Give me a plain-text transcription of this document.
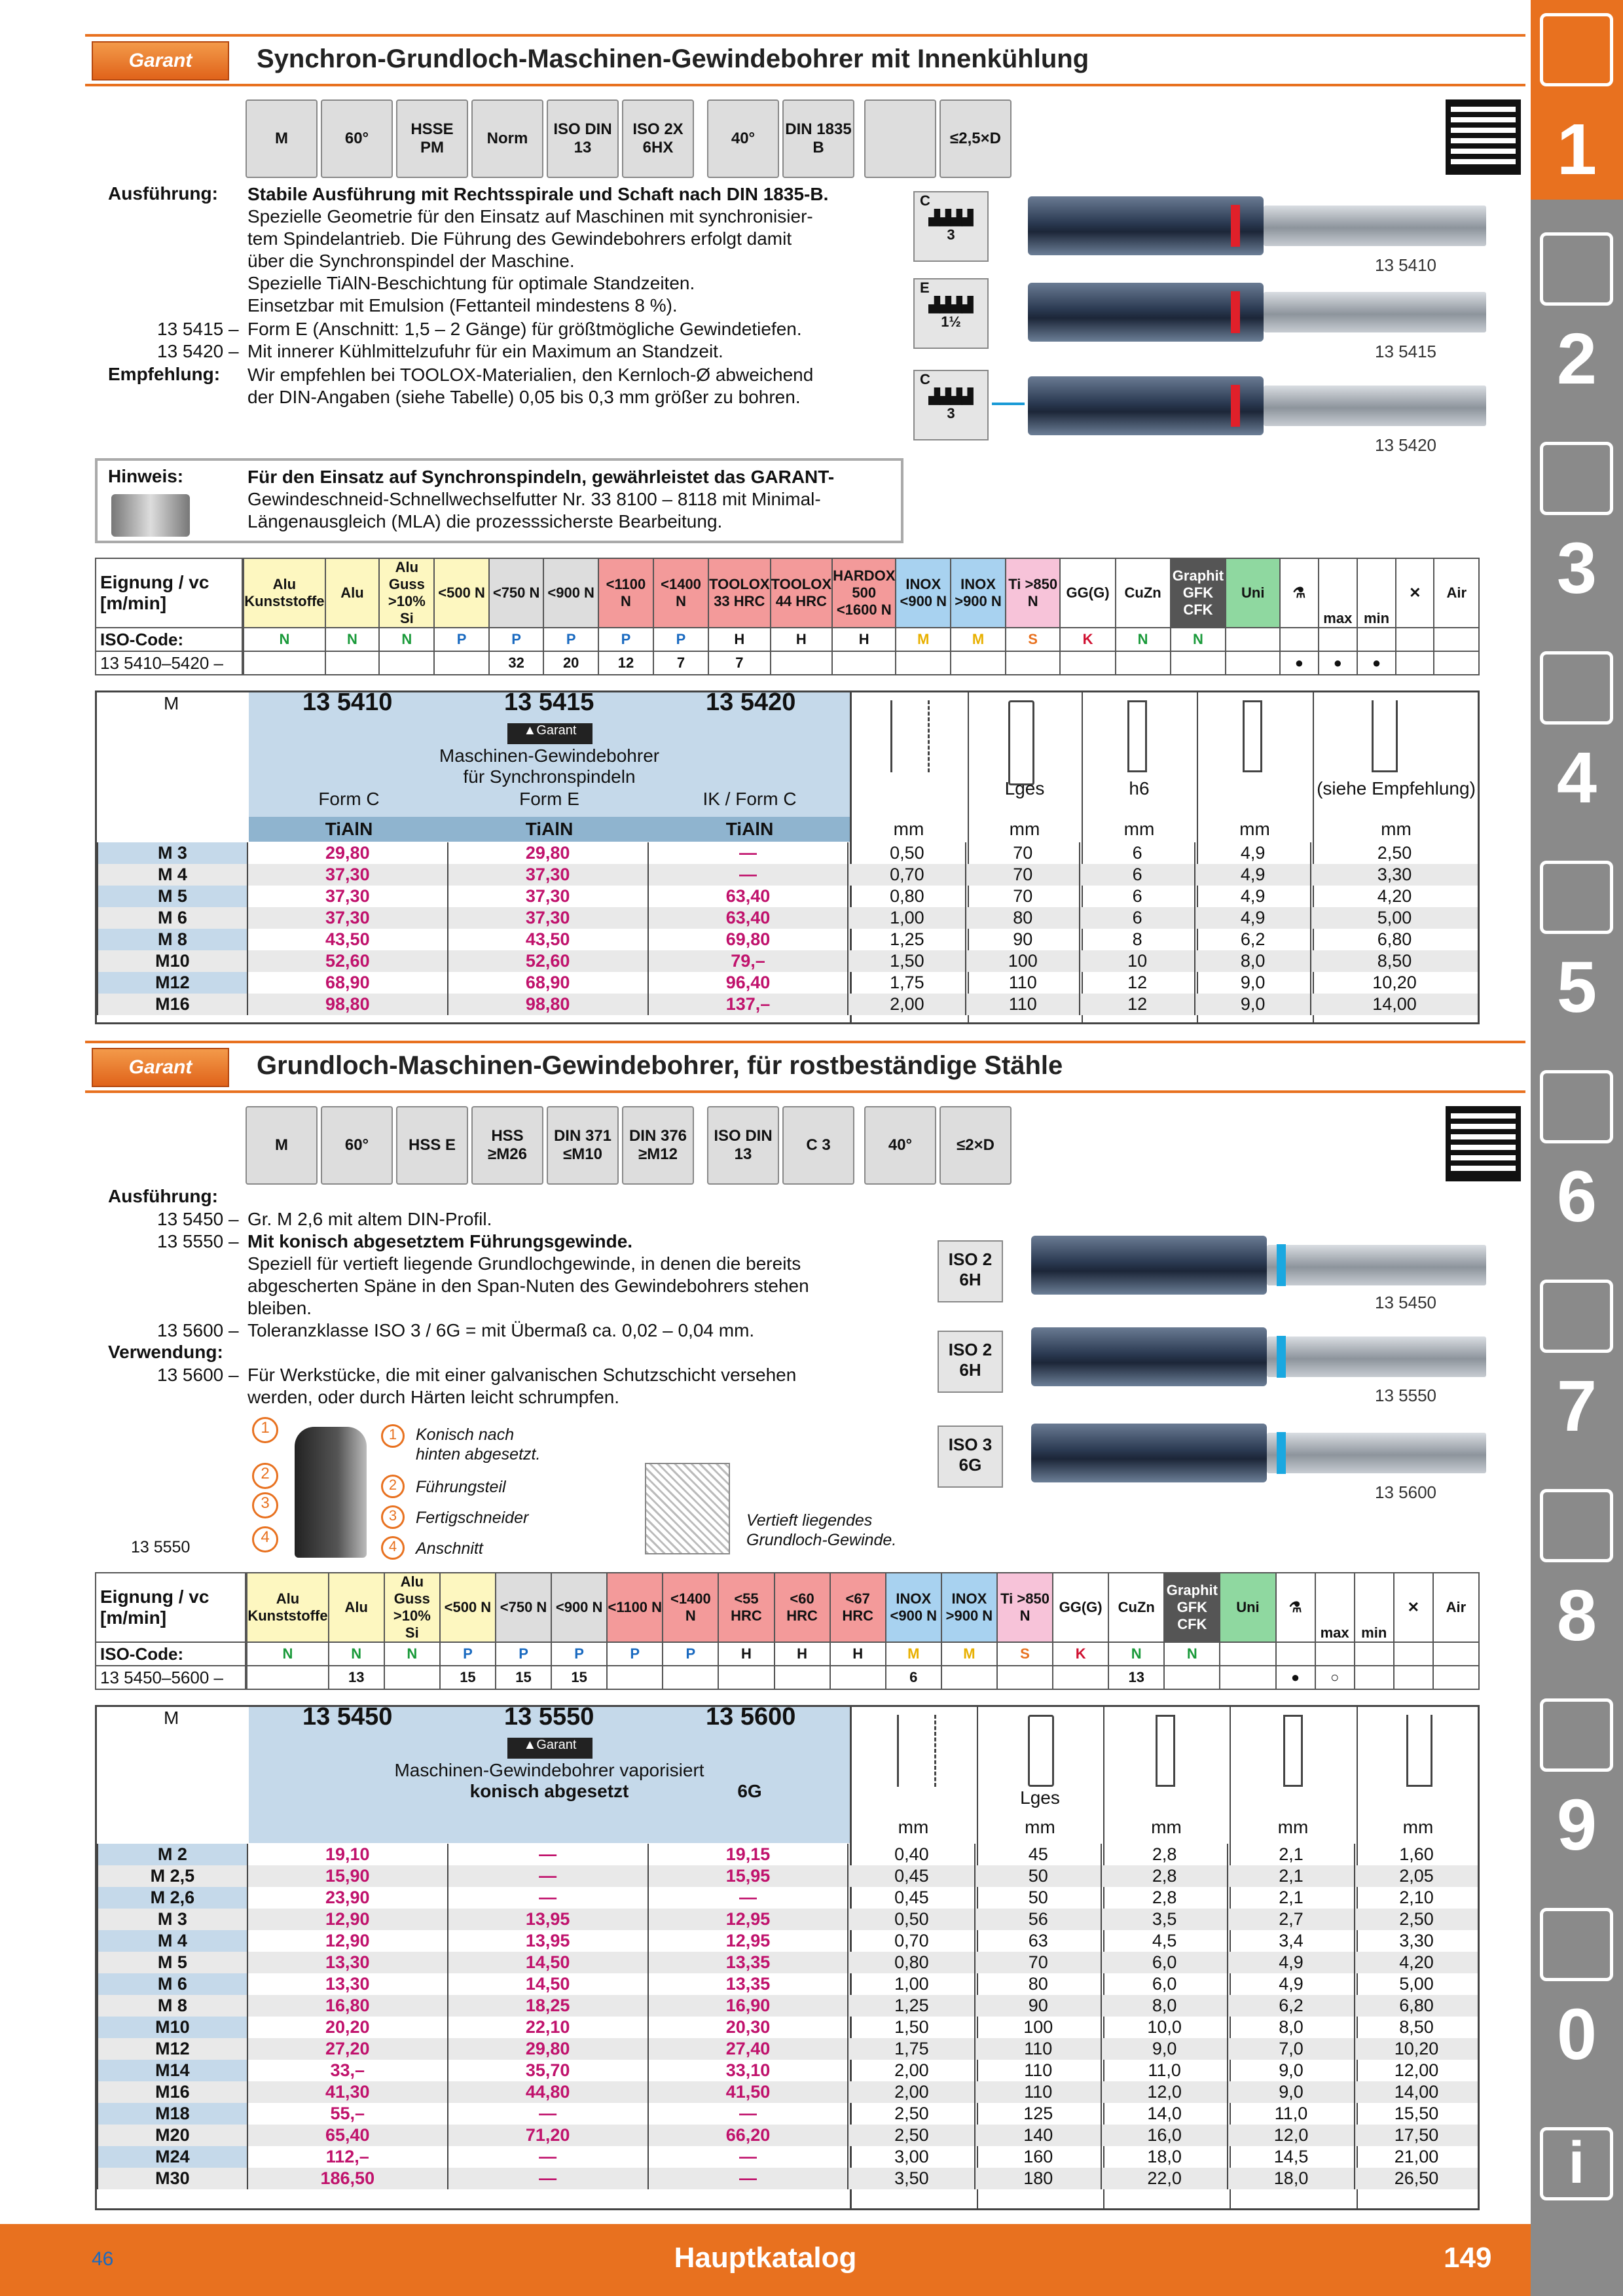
Garant	Synchron-Grundloch-Maschinen-Gewindebohrer mit Innenkühlung
M	60°
HSSE PM
Norm
ISO DIN 13
ISO 2X 6HX
40°
DIN 1835 B
≤2,5×D
Ausführung: Stabile Ausführung mit Rechtsspirale und Schaft nach DIN 1835-B.
Spezielle Geometrie für den Einsatz auf Maschinen mit synchronisier-
tem Spindelantrieb. Die Führung des Gewindebohrers erfolgt damit
über die Synchronspindel der Maschine.
Spezielle TiAlN-Beschichtung für optimale Standzeiten.
Einsetzbar mit Emulsion (Fettanteil mindestens 8 %).
13 5415 – Form E (Anschnitt: 1,5 – 2 Gänge) für größtmögliche Gewindetiefen.
13 5420 – Mit innerer Kühlmittelzufuhr für ein Maximum an Standzeit.
Empfehlung: Wir empfehlen bei TOOLOX-Materialien, den Kernloch-Ø abweichend
der DIN-Angaben (siehe Tabelle) 0,05 bis 0,3 mm größer zu bohren.
C
▟▟▟▟
3
E
▟▟▟▟
1½
C
▟▟▟▟
3
13 5410
13 5415
13 5420
Hinweis:	Für den Einsatz auf Synchronspindeln, gewährleistet das GARANT-
Gewindeschneid-Schnellwechselfutter Nr. 33 8100 – 8118 mit Minimal-
Längenausgleich (MLA) die prozesssicherste Bearbeitung.
Eignung / vc [m/min]	Alu Kunststoffe	Alu	Alu Guss >10% Si	<500 N	<750 N	<900 N	<1100 N	<1400 N	TOOLOX 33 HRC	TOOLOX 44 HRC	HARDOX 500 <1600 N	INOX <900 N	INOX >900 N	Ti >850 N	GG(G)	CuZn	Graphit GFK CFK	Uni	⚗	max	min	✕	Air
ISO-Code:	N	N	N	P	P	P	P	P	H	H	H	M	M	S	K	N	N						
13 5410–5420 –					32	20	12	7	7										●	●	●		
M	13 5410	13 5415	13 5420
▲Garant
Maschinen-Gewindebohrer
für Synchronspindeln
Form C	Form E	IK / Form C
TiAlN	TiAlN	TiAlN
Lges	h6	(siehe Empfehlung)
mm	mm	mm	mm	mm
M 3	29,80	29,80	—	0,50	70	6	4,9	2,50
M 4	37,30	37,30	—	0,70	70	6	4,9	3,30
M 5	37,30	37,30	63,40	0,80	70	6	4,9	4,20
M 6	37,30	37,30	63,40	1,00	80	6	4,9	5,00
M 8	43,50	43,50	69,80	1,25	90	8	6,2	6,80
M10	52,60	52,60	79,–	1,50	100	10	8,0	8,50
M12	68,90	68,90	96,40	1,75	110	12	9,0	10,20
M16	98,80	98,80	137,–	2,00	110	12	9,0	14,00
Garant	Grundloch-Maschinen-Gewindebohrer, für rostbeständige Stähle
M	60°	HSS E
HSS ≥M26
DIN 371 ≤M10
DIN 376 ≥M12
ISO DIN 13
C 3	40°	≤2×D
Ausführung:
13 5450 – Gr. M 2,6 mit altem DIN-Profil.
13 5550 – Mit konisch abgesetztem Führungsgewinde.
Speziell für vertieft liegende Grundlochgewinde, in denen die bereits
abgescherten Späne in den Span-Nuten des Gewindebohrers stehen
bleiben.
13 5600 – Toleranzklasse ISO 3 / 6G = mit Übermaß ca. 0,02 – 0,04 mm.
Verwendung:
13 5600 – Für Werkstücke, die mit einer galvanischen Schutzschicht versehen
werden, oder durch Härten leicht schrumpfen.
1
2
3
4
13 5550
1	Konisch nach hinten abgesetzt.
2	Führungsteil
3	Fertigschneider
4	Anschnitt
Vertieft liegendes Grundloch-Gewinde.
ISO 2 6H
ISO 2 6H
ISO 3 6G
13 5450
13 5550
13 5600
Eignung / vc [m/min]	Alu Kunststoffe	Alu	Alu Guss >10% Si	<500 N	<750 N	<900 N	<1100 N	<1400 N	<55 HRC	<60 HRC	<67 HRC	INOX <900 N	INOX >900 N	Ti >850 N	GG(G)	CuZn	Graphit GFK CFK	Uni	⚗	max	min	✕	Air
ISO-Code:	N	N	N	P	P	P	P	P	H	H	H	M	M	S	K	N	N						
13 5450–5600 –		13		15	15	15						6				13			●	○			
M	13 5450	13 5550	13 5600
▲Garant
Maschinen-Gewindebohrer vaporisiert
konisch abgesetzt	6G	Lges
mm	mm	mm	mm	mm
M 2	19,10	—	19,15	0,40	45	2,8	2,1	1,60
M 2,5	15,90	—	15,95	0,45	50	2,8	2,1	2,05
M 2,6	23,90	—	—	0,45	50	2,8	2,1	2,10
M 3	12,90	13,95	12,95	0,50	56	3,5	2,7	2,50
M 4	12,90	13,95	12,95	0,70	63	4,5	3,4	3,30
M 5	13,30	14,50	13,35	0,80	70	6,0	4,9	4,20
M 6	13,30	14,50	13,35	1,00	80	6,0	4,9	5,00
M 8	16,80	18,25	16,90	1,25	90	8,0	6,2	6,80
M10	20,20	22,10	20,30	1,50	100	10,0	8,0	8,50
M12	27,20	29,80	27,40	1,75	110	9,0	7,0	10,20
M14	33,–	35,70	33,10	2,00	110	11,0	9,0	12,00
M16	41,30	44,80	41,50	2,00	110	12,0	9,0	14,00
M18	55,–	—	—	2,50	125	14,0	11,0	15,50
M20	65,40	71,20	66,20	2,50	140	16,0	12,0	17,50
M24	112,–	—	—	3,00	160	18,0	14,5	21,00
M30	186,50	—	—	3,50	180	22,0	18,0	26,50
1
2
3
4
5
6
7
8
9
0
i
46	Hauptkatalog	149
